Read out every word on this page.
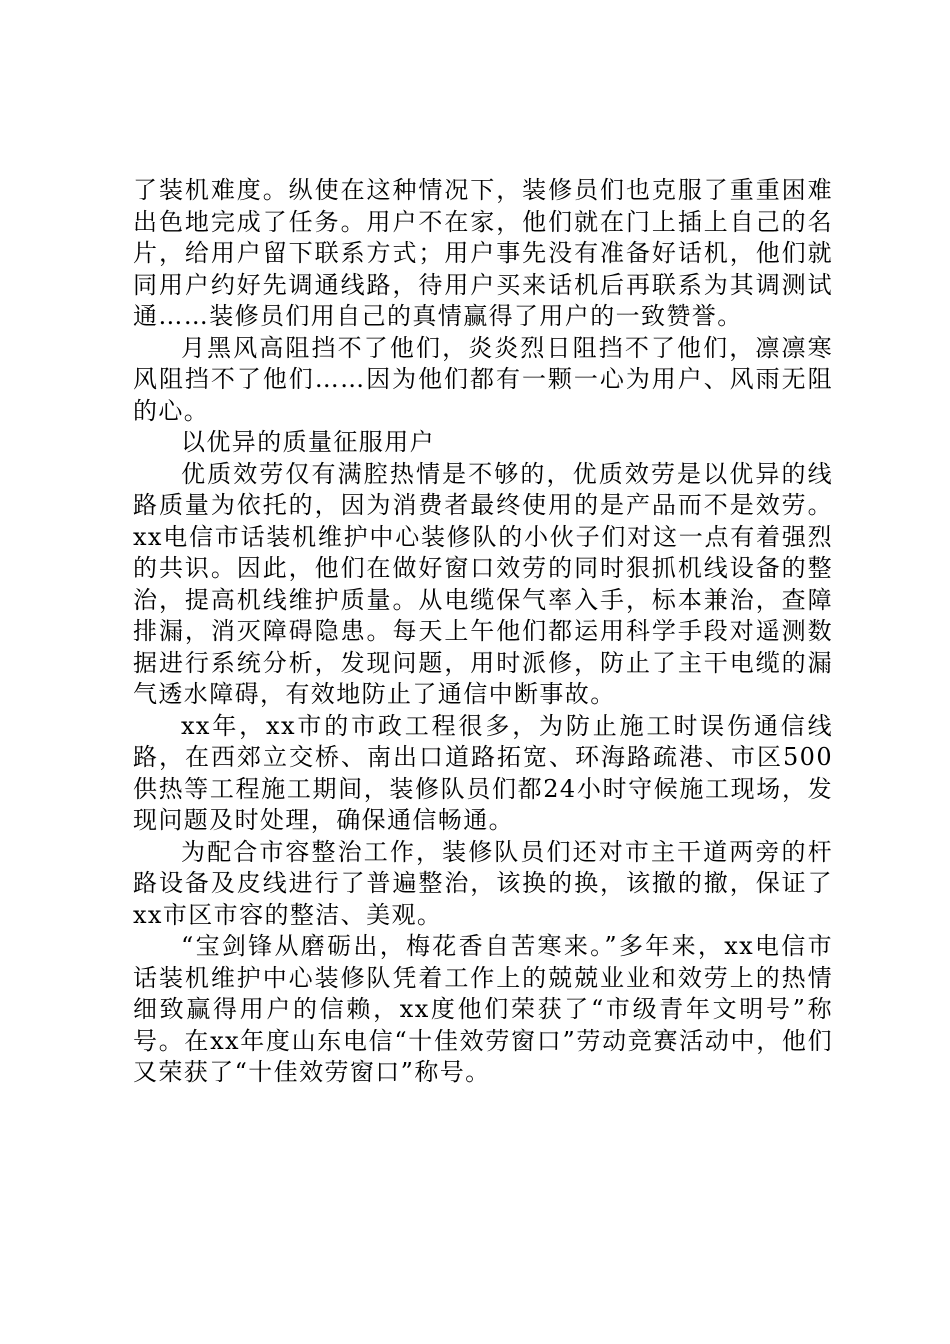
了装机难度。纵使在这种情况下，装修员们也克服了重重困难出色地完成了任务。用户不在家，他们就在门上插上自己的名片，给用户留下联系方式；用户事先没有准备好话机，他们就同用户约好先调通线路，待用户买来话机后再联系为其调测试通……装修员们用自己的真情赢得了用户的一致赞誉。

月黑风高阻挡不了他们，炎炎烈日阻挡不了他们，凛凛寒风阻挡不了他们……因为他们都有一颗一心为用户、风雨无阻的心。

以优异的质量征服用户

优质效劳仅有满腔热情是不够的，优质效劳是以优异的线路质量为依托的，因为消费者最终使用的是产品而不是效劳。xx电信市话装机维护中心装修队的小伙子们对这一点有着强烈的共识。因此，他们在做好窗口效劳的同时狠抓机线设备的整治，提高机线维护质量。从电缆保气率入手，标本兼治，查障排漏，消灭障碍隐患。每天上午他们都运用科学手段对遥测数据进行系统分析，发现问题，用时派修，防止了主干电缆的漏气透水障碍，有效地防止了通信中断事故。

xx年，xx市的市政工程很多，为防止施工时误伤通信线路，在西郊立交桥、南出口道路拓宽、环海路疏港、市区500供热等工程施工期间，装修队员们都24小时守候施工现场，发现问题及时处理，确保通信畅通。

为配合市容整治工作，装修队员们还对市主干道两旁的杆路设备及皮线进行了普遍整治，该换的换，该撤的撤，保证了xx市区市容的整洁、美观。

“宝剑锋从磨砺出，梅花香自苦寒来。”多年来，xx电信市话装机维护中心装修队凭着工作上的兢兢业业和效劳上的热情细致赢得用户的信赖，xx度他们荣获了“市级青年文明号”称号。在xx年度山东电信“十佳效劳窗口”劳动竞赛活动中，他们又荣获了“十佳效劳窗口”称号。
